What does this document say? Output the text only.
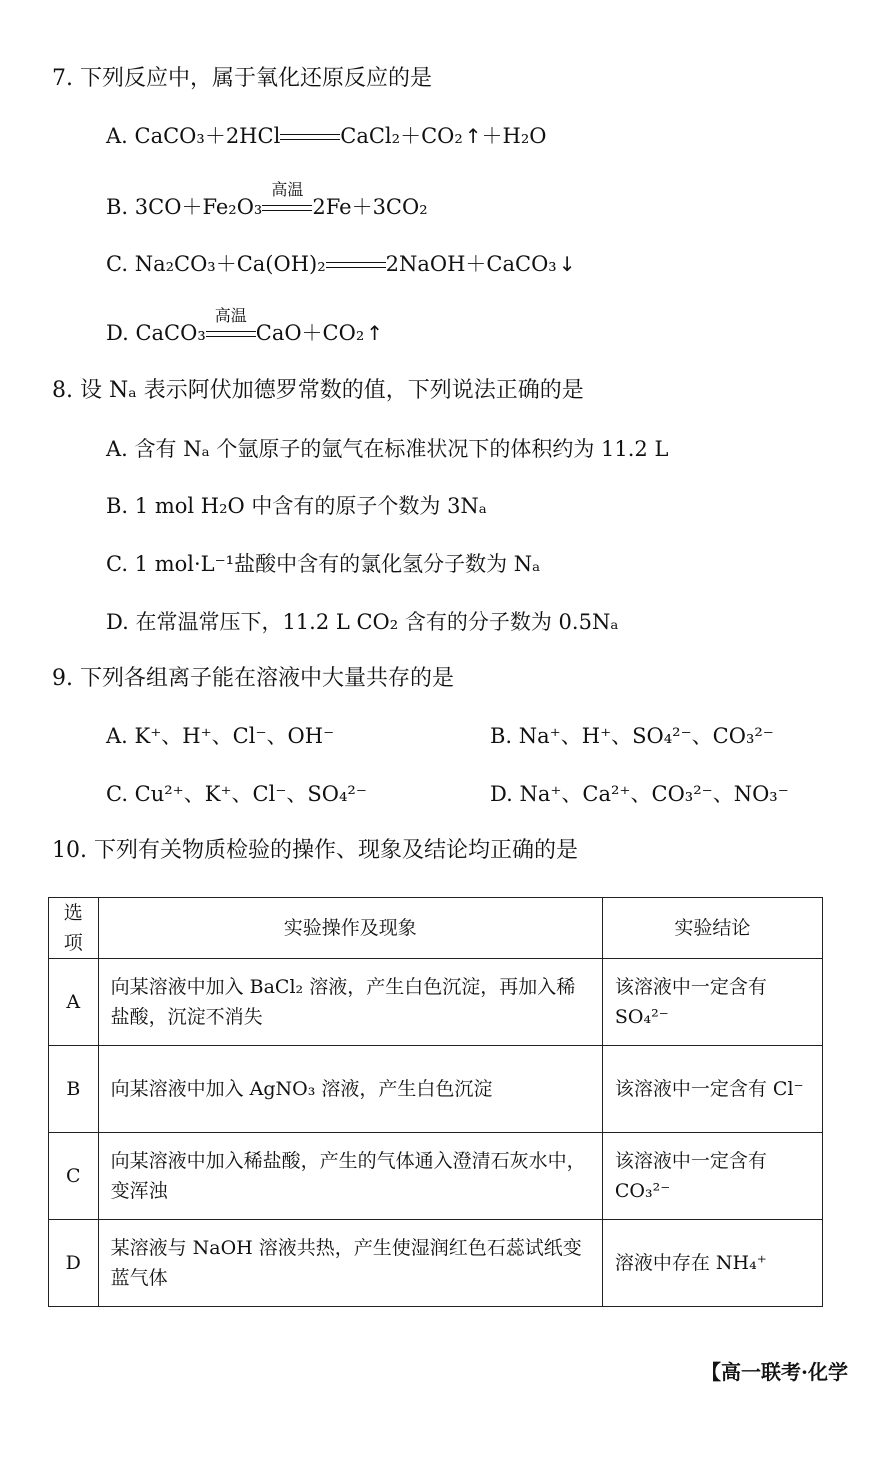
7. 下列反应中，属于氧化还原反应的是
A. CaCO₃＋2HCl	CaCl₂＋CO₂ ↑＋H₂O
B. 3CO＋Fe₂O₃
高温
2Fe＋3CO₂
C. Na₂CO₃＋Ca(OH)₂	2NaOH＋CaCO₃ ↓
D. CaCO₃
高温
CaO＋CO₂ ↑
8. 设 Nₐ 表示阿伏加德罗常数的值，下列说法正确的是
A. 含有 Nₐ 个氩原子的氩气在标准状况下的体积约为 11.2 L
B. 1 mol H₂O 中含有的原子个数为 3Nₐ
C. 1 mol·L⁻¹盐酸中含有的氯化氢分子数为 Nₐ
D. 在常温常压下，11.2 L CO₂ 含有的分子数为 0.5Nₐ
9. 下列各组离子能在溶液中大量共存的是
A. K⁺、H⁺、Cl⁻、OH⁻	B. Na⁺、H⁺、SO₄²⁻、CO₃²⁻
C. Cu²⁺、K⁺、Cl⁻、SO₄²⁻	D. Na⁺、Ca²⁺、CO₃²⁻、NO₃⁻
10. 下列有关物质检验的操作、现象及结论均正确的是
选项	实验操作及现象	实验结论
A	向某溶液中加入 BaCl₂ 溶液，产生白色沉淀，再加入稀盐酸，沉淀不消失	该溶液中一定含有 SO₄²⁻
B	向某溶液中加入 AgNO₃ 溶液，产生白色沉淀	该溶液中一定含有 Cl⁻
C	向某溶液中加入稀盐酸，产生的气体通入澄清石灰水中，变浑浊	该溶液中一定含有 CO₃²⁻
D	某溶液与 NaOH 溶液共热，产生使湿润红色石蕊试纸变蓝气体	溶液中存在 NH₄⁺
【高一联考·化学
